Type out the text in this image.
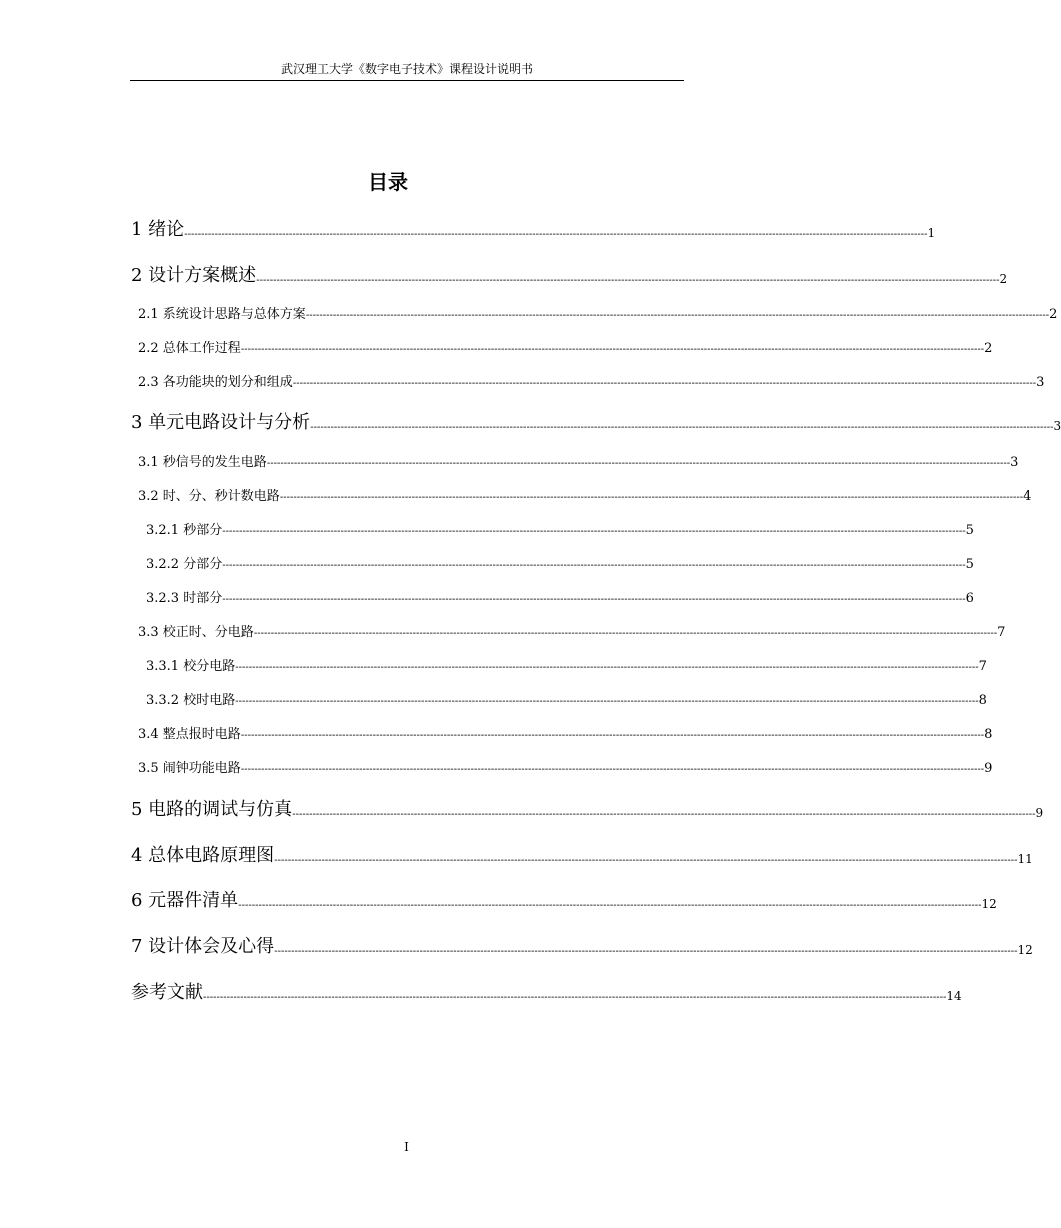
武汉理工大学《数字电子技术》课程设计说明书
目录
1 绪论 ---------------------------------------------------------------------------------------------------------------------------------------------------------------------------------------------------------------------------- 1
2 设计方案概述 ---------------------------------------------------------------------------------------------------------------------------------------------------------------------------------------------------------------------------- 2
2.1 系统设计思路与总体方案 ---------------------------------------------------------------------------------------------------------------------------------------------------------------------------------------------------------------------------- 2
2.2 总体工作过程 ---------------------------------------------------------------------------------------------------------------------------------------------------------------------------------------------------------------------------- 2
2.3 各功能块的划分和组成 ---------------------------------------------------------------------------------------------------------------------------------------------------------------------------------------------------------------------------- 3
3 单元电路设计与分析 ---------------------------------------------------------------------------------------------------------------------------------------------------------------------------------------------------------------------------- 3
3.1 秒信号的发生电路 ---------------------------------------------------------------------------------------------------------------------------------------------------------------------------------------------------------------------------- 3
3.2 时、分、秒计数电路 ---------------------------------------------------------------------------------------------------------------------------------------------------------------------------------------------------------------------------- 4
3.2.1 秒部分 ---------------------------------------------------------------------------------------------------------------------------------------------------------------------------------------------------------------------------- 5
3.2.2 分部分 ---------------------------------------------------------------------------------------------------------------------------------------------------------------------------------------------------------------------------- 5
3.2.3 时部分 ---------------------------------------------------------------------------------------------------------------------------------------------------------------------------------------------------------------------------- 6
3.3 校正时、分电路 ---------------------------------------------------------------------------------------------------------------------------------------------------------------------------------------------------------------------------- 7
3.3.1 校分电路 ---------------------------------------------------------------------------------------------------------------------------------------------------------------------------------------------------------------------------- 7
3.3.2 校时电路 ---------------------------------------------------------------------------------------------------------------------------------------------------------------------------------------------------------------------------- 8
3.4 整点报时电路 ---------------------------------------------------------------------------------------------------------------------------------------------------------------------------------------------------------------------------- 8
3.5 闹钟功能电路 ---------------------------------------------------------------------------------------------------------------------------------------------------------------------------------------------------------------------------- 9
5 电路的调试与仿真 ---------------------------------------------------------------------------------------------------------------------------------------------------------------------------------------------------------------------------- 9
4 总体电路原理图 ---------------------------------------------------------------------------------------------------------------------------------------------------------------------------------------------------------------------------- 11
6 元器件清单 ---------------------------------------------------------------------------------------------------------------------------------------------------------------------------------------------------------------------------- 12
7 设计体会及心得 ---------------------------------------------------------------------------------------------------------------------------------------------------------------------------------------------------------------------------- 12
参考文献 ---------------------------------------------------------------------------------------------------------------------------------------------------------------------------------------------------------------------------- 14
I
